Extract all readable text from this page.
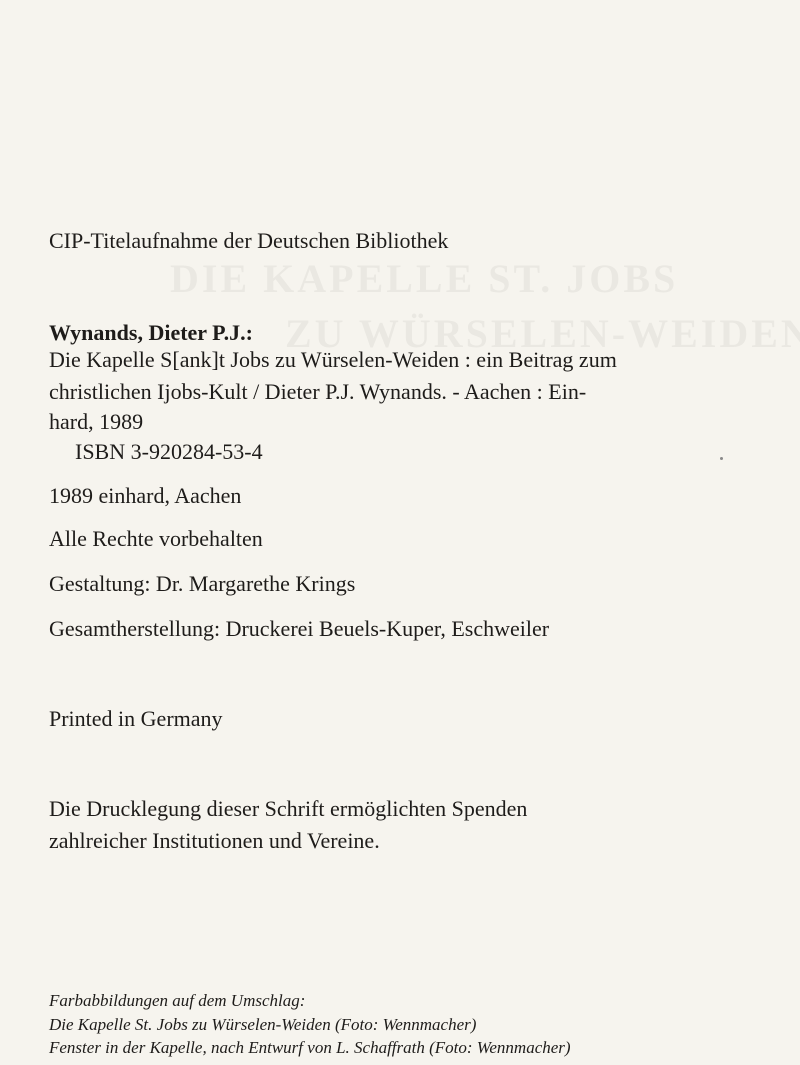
CIP-Titelaufnahme der Deutschen Bibliothek
Wynands, Dieter P.J.:
Die Kapelle S[ank]t Jobs zu Würselen-Weiden : ein Beitrag zum
christlichen Ijobs-Kult / Dieter P.J. Wynands. - Aachen : Ein-
hard, 1989
ISBN 3-920284-53-4
1989 einhard, Aachen
Alle Rechte vorbehalten
Gestaltung: Dr. Margarethe Krings
Gesamtherstellung: Druckerei Beuels-Kuper, Eschweiler
Printed in Germany
Die Drucklegung dieser Schrift ermöglichten Spenden
zahlreicher Institutionen und Vereine.
Farbabbildungen auf dem Umschlag:
Die Kapelle St. Jobs zu Würselen-Weiden (Foto: Wennmacher)
Fenster in der Kapelle, nach Entwurf von L. Schaffrath (Foto: Wennmacher)
